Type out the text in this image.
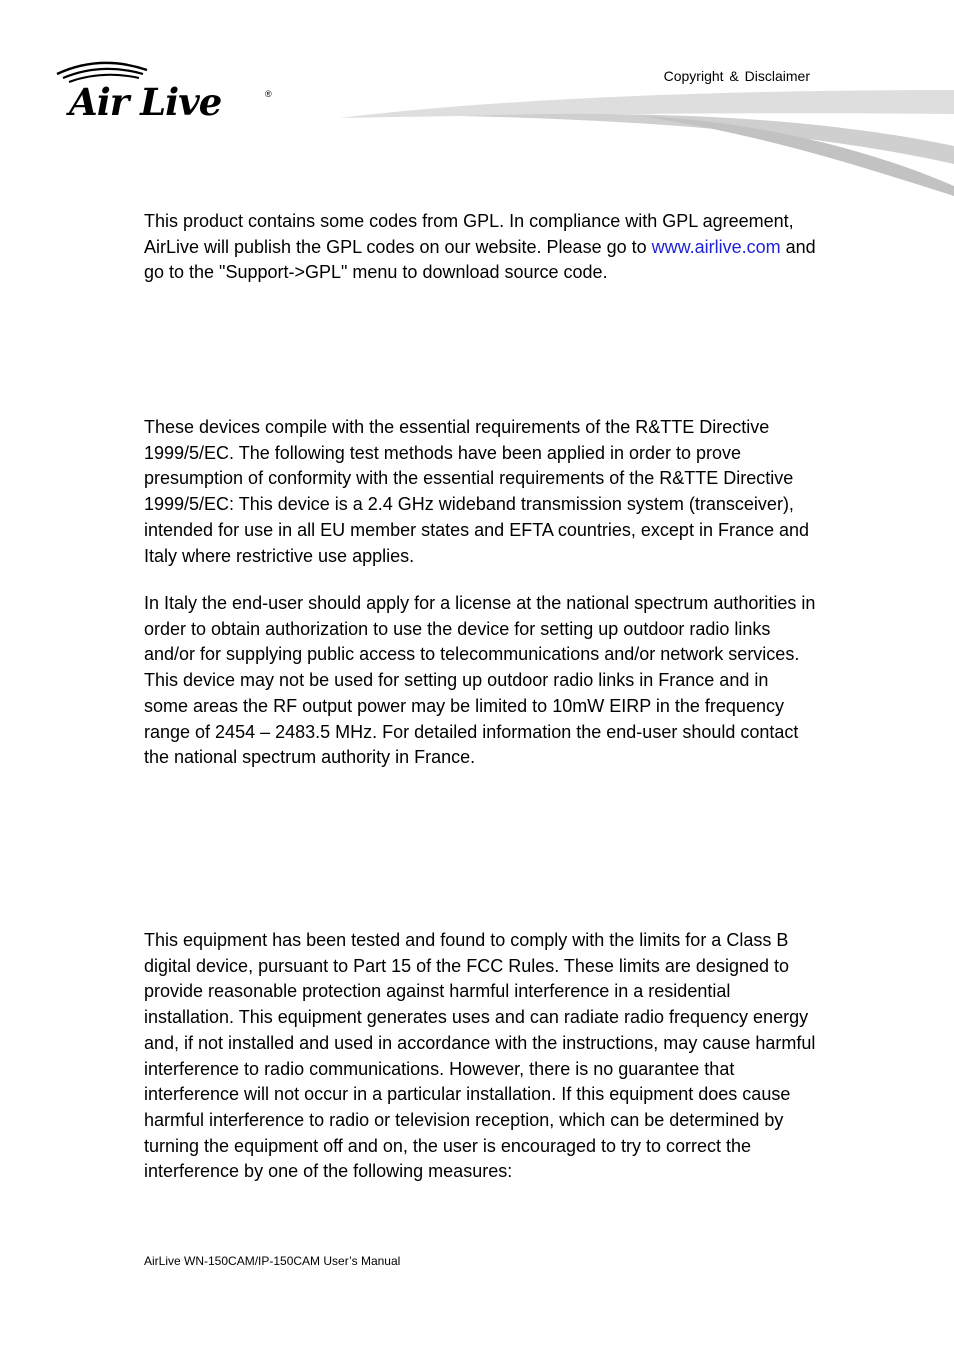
Air Live	®
Copyright & Disclaimer

This product contains some codes from GPL. In compliance with GPL agreement, AirLive will publish the GPL codes on our website. Please go to www.airlive.com and go to the "Support->GPL" menu to download source code.

These devices compile with the essential requirements of the R&TTE Directive 1999/5/EC. The following test methods have been applied in order to prove presumption of conformity with the essential requirements of the R&TTE Directive 1999/5/EC: This device is a 2.4 GHz wideband transmission system (transceiver), intended for use in all EU member states and EFTA countries, except in France and Italy where restrictive use applies.

In Italy the end-user should apply for a license at the national spectrum authorities in order to obtain authorization to use the device for setting up outdoor radio links and/or for supplying public access to telecommunications and/or network services. This device may not be used for setting up outdoor radio links in France and in some areas the RF output power may be limited to 10mW EIRP in the frequency range of 2454 – 2483.5 MHz. For detailed information the end-user should contact the national spectrum authority in France.

This equipment has been tested and found to comply with the limits for a Class B digital device, pursuant to Part 15 of the FCC Rules. These limits are designed to provide reasonable protection against harmful interference in a residential installation. This equipment generates uses and can radiate radio frequency energy and, if not installed and used in accordance with the instructions, may cause harmful interference to radio communications. However, there is no guarantee that interference will not occur in a particular installation. If this equipment does cause harmful interference to radio or television reception, which can be determined by turning the equipment off and on, the user is encouraged to try to correct the interference by one of the following measures:

AirLive WN-150CAM/IP-150CAM User’s Manual
